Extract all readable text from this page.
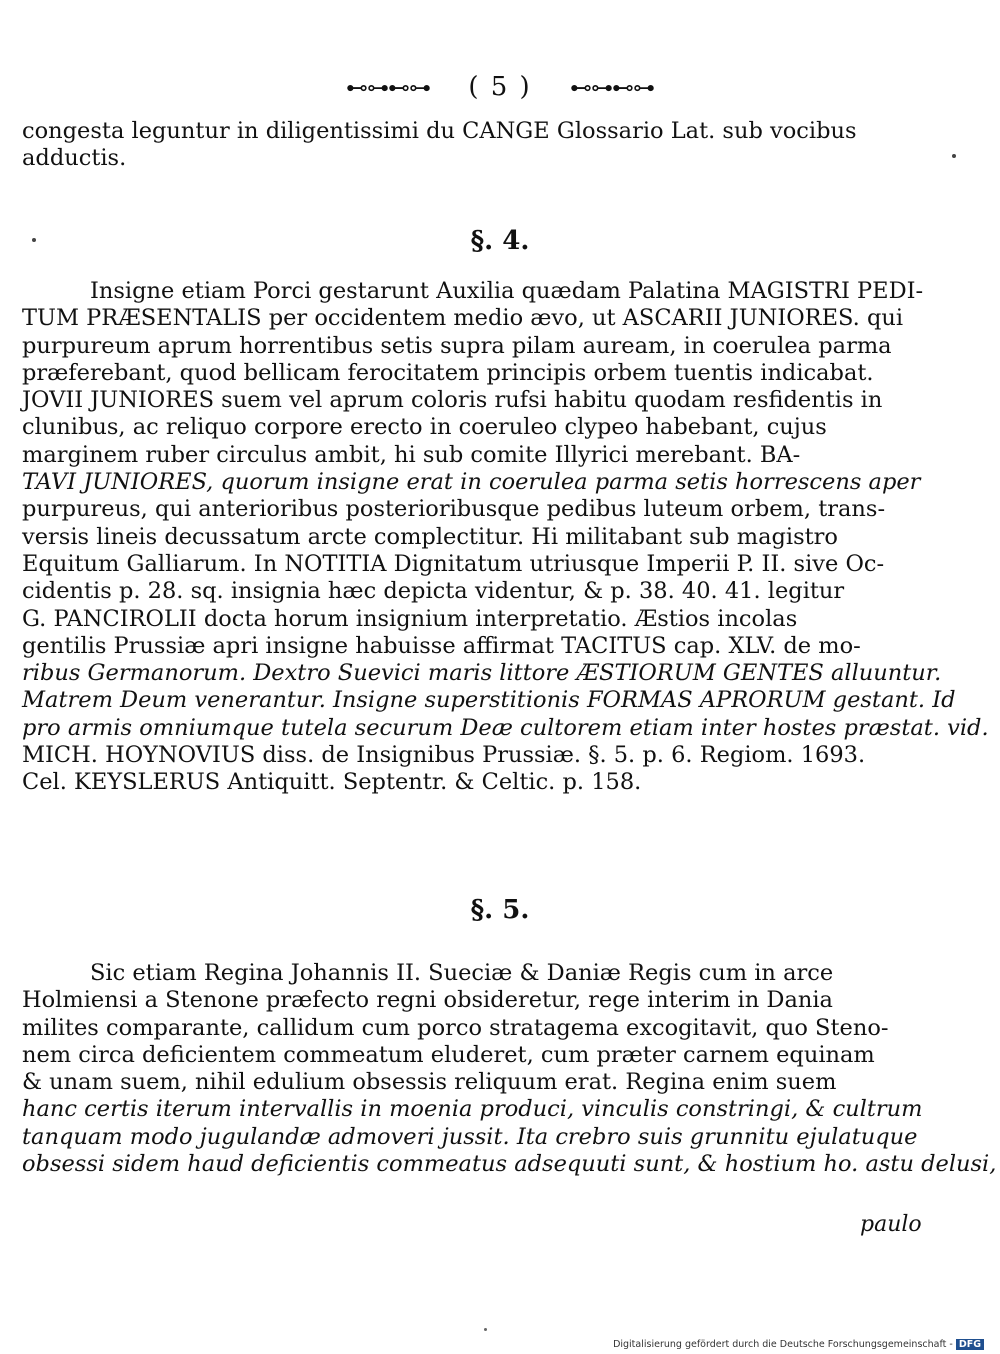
⊷⊶⊷⊶ ( 5 ) ⊷⊶⊷⊶
congesta leguntur in diligentissimi du CANGE Glossario Lat. sub vocibus
adductis.
§. 4.
Insigne etiam Porci gestarunt Auxilia quædam Palatina MAGISTRI PEDI-
TUM PRÆSENTALIS per occidentem medio ævo, ut ASCARII JUNIORES. qui
purpureum aprum horrentibus setis supra pilam auream, in coerulea parma
præferebant, quod bellicam ferocitatem principis orbem tuentis indicabat.
JOVII JUNIORES suem vel aprum coloris rufsi habitu quodam resfidentis in
clunibus, ac reliquo corpore erecto in coeruleo clypeo habebant, cujus
marginem ruber circulus ambit, hi sub comite Illyrici merebant. BA-
TAVI JUNIORES, quorum insigne erat in coerulea parma setis horrescens aper
purpureus, qui anterioribus posterioribusque pedibus luteum orbem, trans-
versis lineis decussatum arcte complectitur. Hi militabant sub magistro
Equitum Galliarum. In NOTITIA Dignitatum utriusque Imperii P. II. sive Oc-
cidentis p. 28. sq. insignia hæc depicta videntur, & p. 38. 40. 41. legitur
G. PANCIROLII docta horum insignium interpretatio. Æstios incolas
gentilis Prussiæ apri insigne habuisse affirmat TACITUS cap. XLV. de mo-
ribus Germanorum. Dextro Suevici maris littore ÆSTIORUM GENTES alluuntur.
Matrem Deum venerantur. Insigne superstitionis FORMAS APRORUM gestant. Id
pro armis omniumque tutela securum Deæ cultorem etiam inter hostes præstat. vid.
MICH. HOYNOVIUS diss. de Insignibus Prussiæ. §. 5. p. 6. Regiom. 1693.
Cel. KEYSLERUS Antiquitt. Septentr. & Celtic. p. 158.
§. 5.
Sic etiam Regina Johannis II. Sueciæ & Daniæ Regis cum in arce
Holmiensi a Stenone præfecto regni obsideretur, rege interim in Dania
milites comparante, callidum cum porco stratagema excogitavit, quo Steno-
nem circa deficientem commeatum eluderet, cum præter carnem equinam
& unam suem, nihil edulium obsessis reliquum erat. Regina enim suem
hanc certis iterum intervallis in moenia produci, vinculis constringi, & cultrum
tanquam modo jugulandæ admoveri jussit. Ita crebro suis grunnitu ejulatuque
obsessi sidem haud deficientis commeatus adsequuti sunt, & hostium ho. astu delusi,
paulo
Digitalisierung gefördert durch die Deutsche Forschungsgemeinschaft - DFG
